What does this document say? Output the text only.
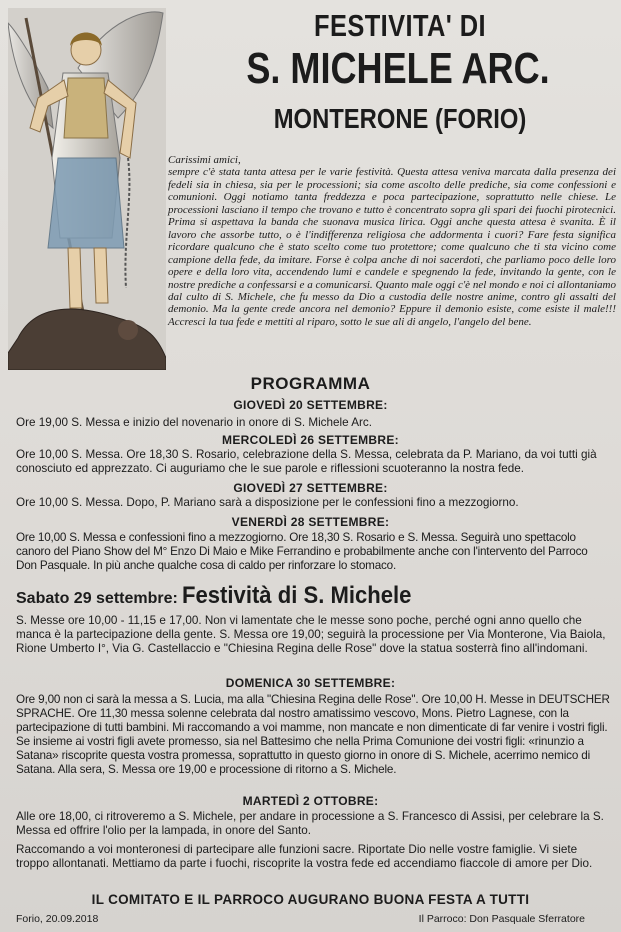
FESTIVITA' DI
S. MICHELE ARC.
MONTERONE (FORIO)

Carissimi amici,

sempre c'è stata tanta attesa per le varie festività. Questa attesa veniva marcata dalla presenza dei fedeli sia in chiesa, sia per le processioni; sia come ascolto delle prediche, sia come confessioni e comunioni. Oggi notiamo tanta freddezza e poca partecipazione, soprattutto nelle chiese. Le processioni lasciano il tempo che trovano e tutto è concentrato sopra gli spari dei fuochi pirotecnici. Prima si aspettava la banda che suonava musica lirica. Oggi anche questa attesa è svanita. È il lavoro che assorbe tutto, o è l'indifferenza religiosa che addormenta i cuori? Fare festa significa ricordare qualcuno che è stato scelto come tuo protettore; come qualcuno che ti sta vicino come campione della fede, da imitare. Forse è colpa anche di noi sacerdoti, che parliamo poco delle loro opere e della loro vita, accendendo lumi e candele e spegnendo la fede, invitando la gente, con le nostre prediche a confessarsi e a comunicarsi. Quanto male oggi c'è nel mondo e noi ci allontaniamo dal culto di S. Michele, che fu messo da Dio a custodia delle nostre anime, contro gli assalti del demonio. Ma la gente crede ancora nel demonio? Eppure il demonio esiste, come esiste il male!!! Accresci la tua fede e mettiti al riparo, sotto le sue ali di angelo, l'angelo del bene.

PROGRAMMA
GIOVEDÌ 20 SETTEMBRE:
Ore 19,00 S. Messa e inizio del novenario in onore di S. Michele Arc.
MERCOLEDÌ 26 SETTEMBRE:
Ore 10,00 S. Messa. Ore 18,30 S. Rosario, celebrazione della S. Messa, celebrata da P. Mariano, da voi tutti già conosciuto ed apprezzato. Ci auguriamo che le sue parole e riflessioni scuoteranno la nostra fede.
GIOVEDÌ 27 SETTEMBRE:
Ore 10,00 S. Messa. Dopo, P. Mariano sarà a disposizione per le confessioni fino a mezzogiorno.
VENERDÌ 28 SETTEMBRE:
Ore 10,00 S. Messa e confessioni fino a mezzogiorno. Ore 18,30 S. Rosario e S. Messa. Seguirà uno spettacolo canoro del Piano Show del M° Enzo Di Maio e Mike Ferrandino e probabilmente anche con l'intervento del Parroco Don Pasquale. In più anche qualche cosa di caldo per rinforzare lo stomaco.
Sabato 29 settembre: Festività di S. Michele
S. Messe ore 10,00 - 11,15 e 17,00. Non vi lamentate che le messe sono poche, perché ogni anno quello che manca è la partecipazione della gente. S. Messa ore 19,00; seguirà la processione per Via Monterone, Via Baiola, Rione Umberto I°, Via G. Castellaccio e "Chiesina Regina delle Rose" dove la statua sosterrà fino all'indomani.
DOMENICA 30 SETTEMBRE:
Ore 9,00 non ci sarà la messa a S. Lucia, ma alla "Chiesina Regina delle Rose". Ore 10,00 H. Messe in DEUTSCHER SPRACHE. Ore 11,30 messa solenne celebrata dal nostro amatissimo vescovo, Mons. Pietro Lagnese, con la partecipazione di tutti bambini. Mi raccomando a voi mamme, non mancate e non dimenticate di far venire i vostri figli. Se insieme ai vostri figli avete promesso, sia nel Battesimo che nella Prima Comunione dei vostri figli: «rinunzio a Satana» riscoprite questa vostra promessa, soprattutto in questo giorno in onore di S. Michele, acerrimo nemico di Satana. Alla sera, S. Messa ore 19,00 e processione di ritorno a S. Michele.
MARTEDÌ 2 OTTOBRE:
Alle ore 18,00, ci ritroveremo a S. Michele, per andare in processione a S. Francesco di Assisi, per celebrare la S. Messa ed offrire l'olio per la lampada, in onore del Santo.
Raccomando a voi monteronesi di partecipare alle funzioni sacre. Riportate Dio nelle vostre famiglie. Vi siete troppo allontanati. Mettiamo da parte i fuochi, riscoprite la vostra fede ed accendiamo fiaccole di amore per Dio.
IL COMITATO E IL PARROCO AUGURANO BUONA FESTA A TUTTI
Forio, 20.09.2018	Il Parroco: Don Pasquale Sferratore
